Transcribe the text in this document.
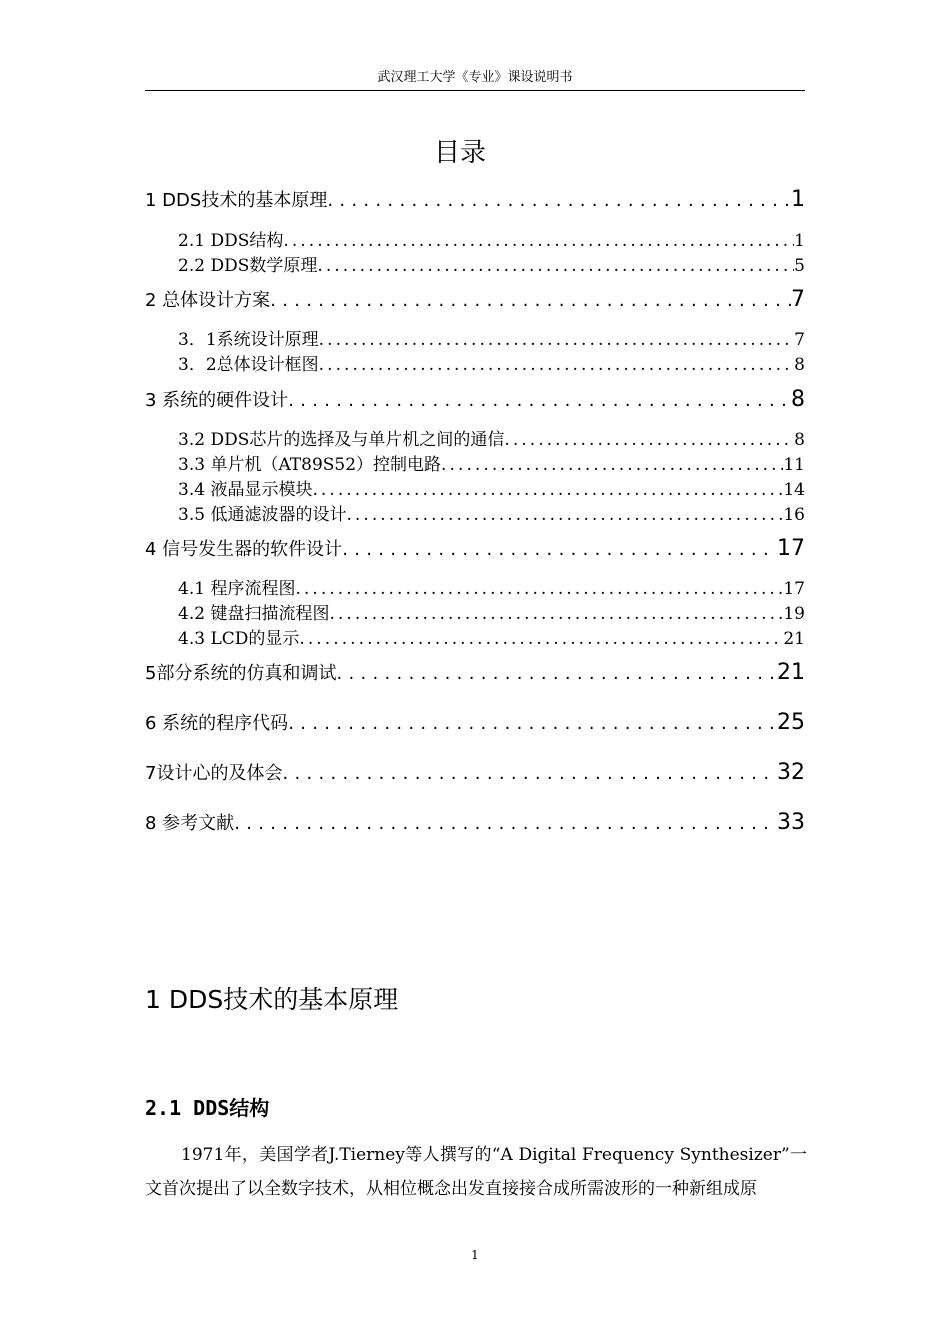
武汉理工大学《专业》课设说明书
目录
1 DDS技术的基本原理 .....	1
2.1 DDS结构 .....	1
2.2 DDS数学原理 .....	5
2 总体设计方案 .....	7
3．1系统设计原理 .....	7
3．2总体设计框图 .....	8
3 系统的硬件设计 .....	8
3.2 DDS芯片的选择及与单片机之间的通信 .....	8
3.3 单片机（AT89S52）控制电路 .....	11
3.4 液晶显示模块 .....	14
3.5 低通滤波器的设计 .....	16
4 信号发生器的软件设计 .....	17
4.1 程序流程图 .....	17
4.2 键盘扫描流程图 .....	19
4.3 LCD的显示 .....	21
5部分系统的仿真和调试 .....	21
6 系统的程序代码 .....	25
7设计心的及体会 .....	32
8 参考文献 .....	33
1 DDS技术的基本原理
2.1 DDS结构
1971年，美国学者J.Tierney等人撰写的“A Digital Frequency Synthesizer”一文首次提出了以全数字技术，从相位概念出发直接接合成所需波形的一种新组成原
1
